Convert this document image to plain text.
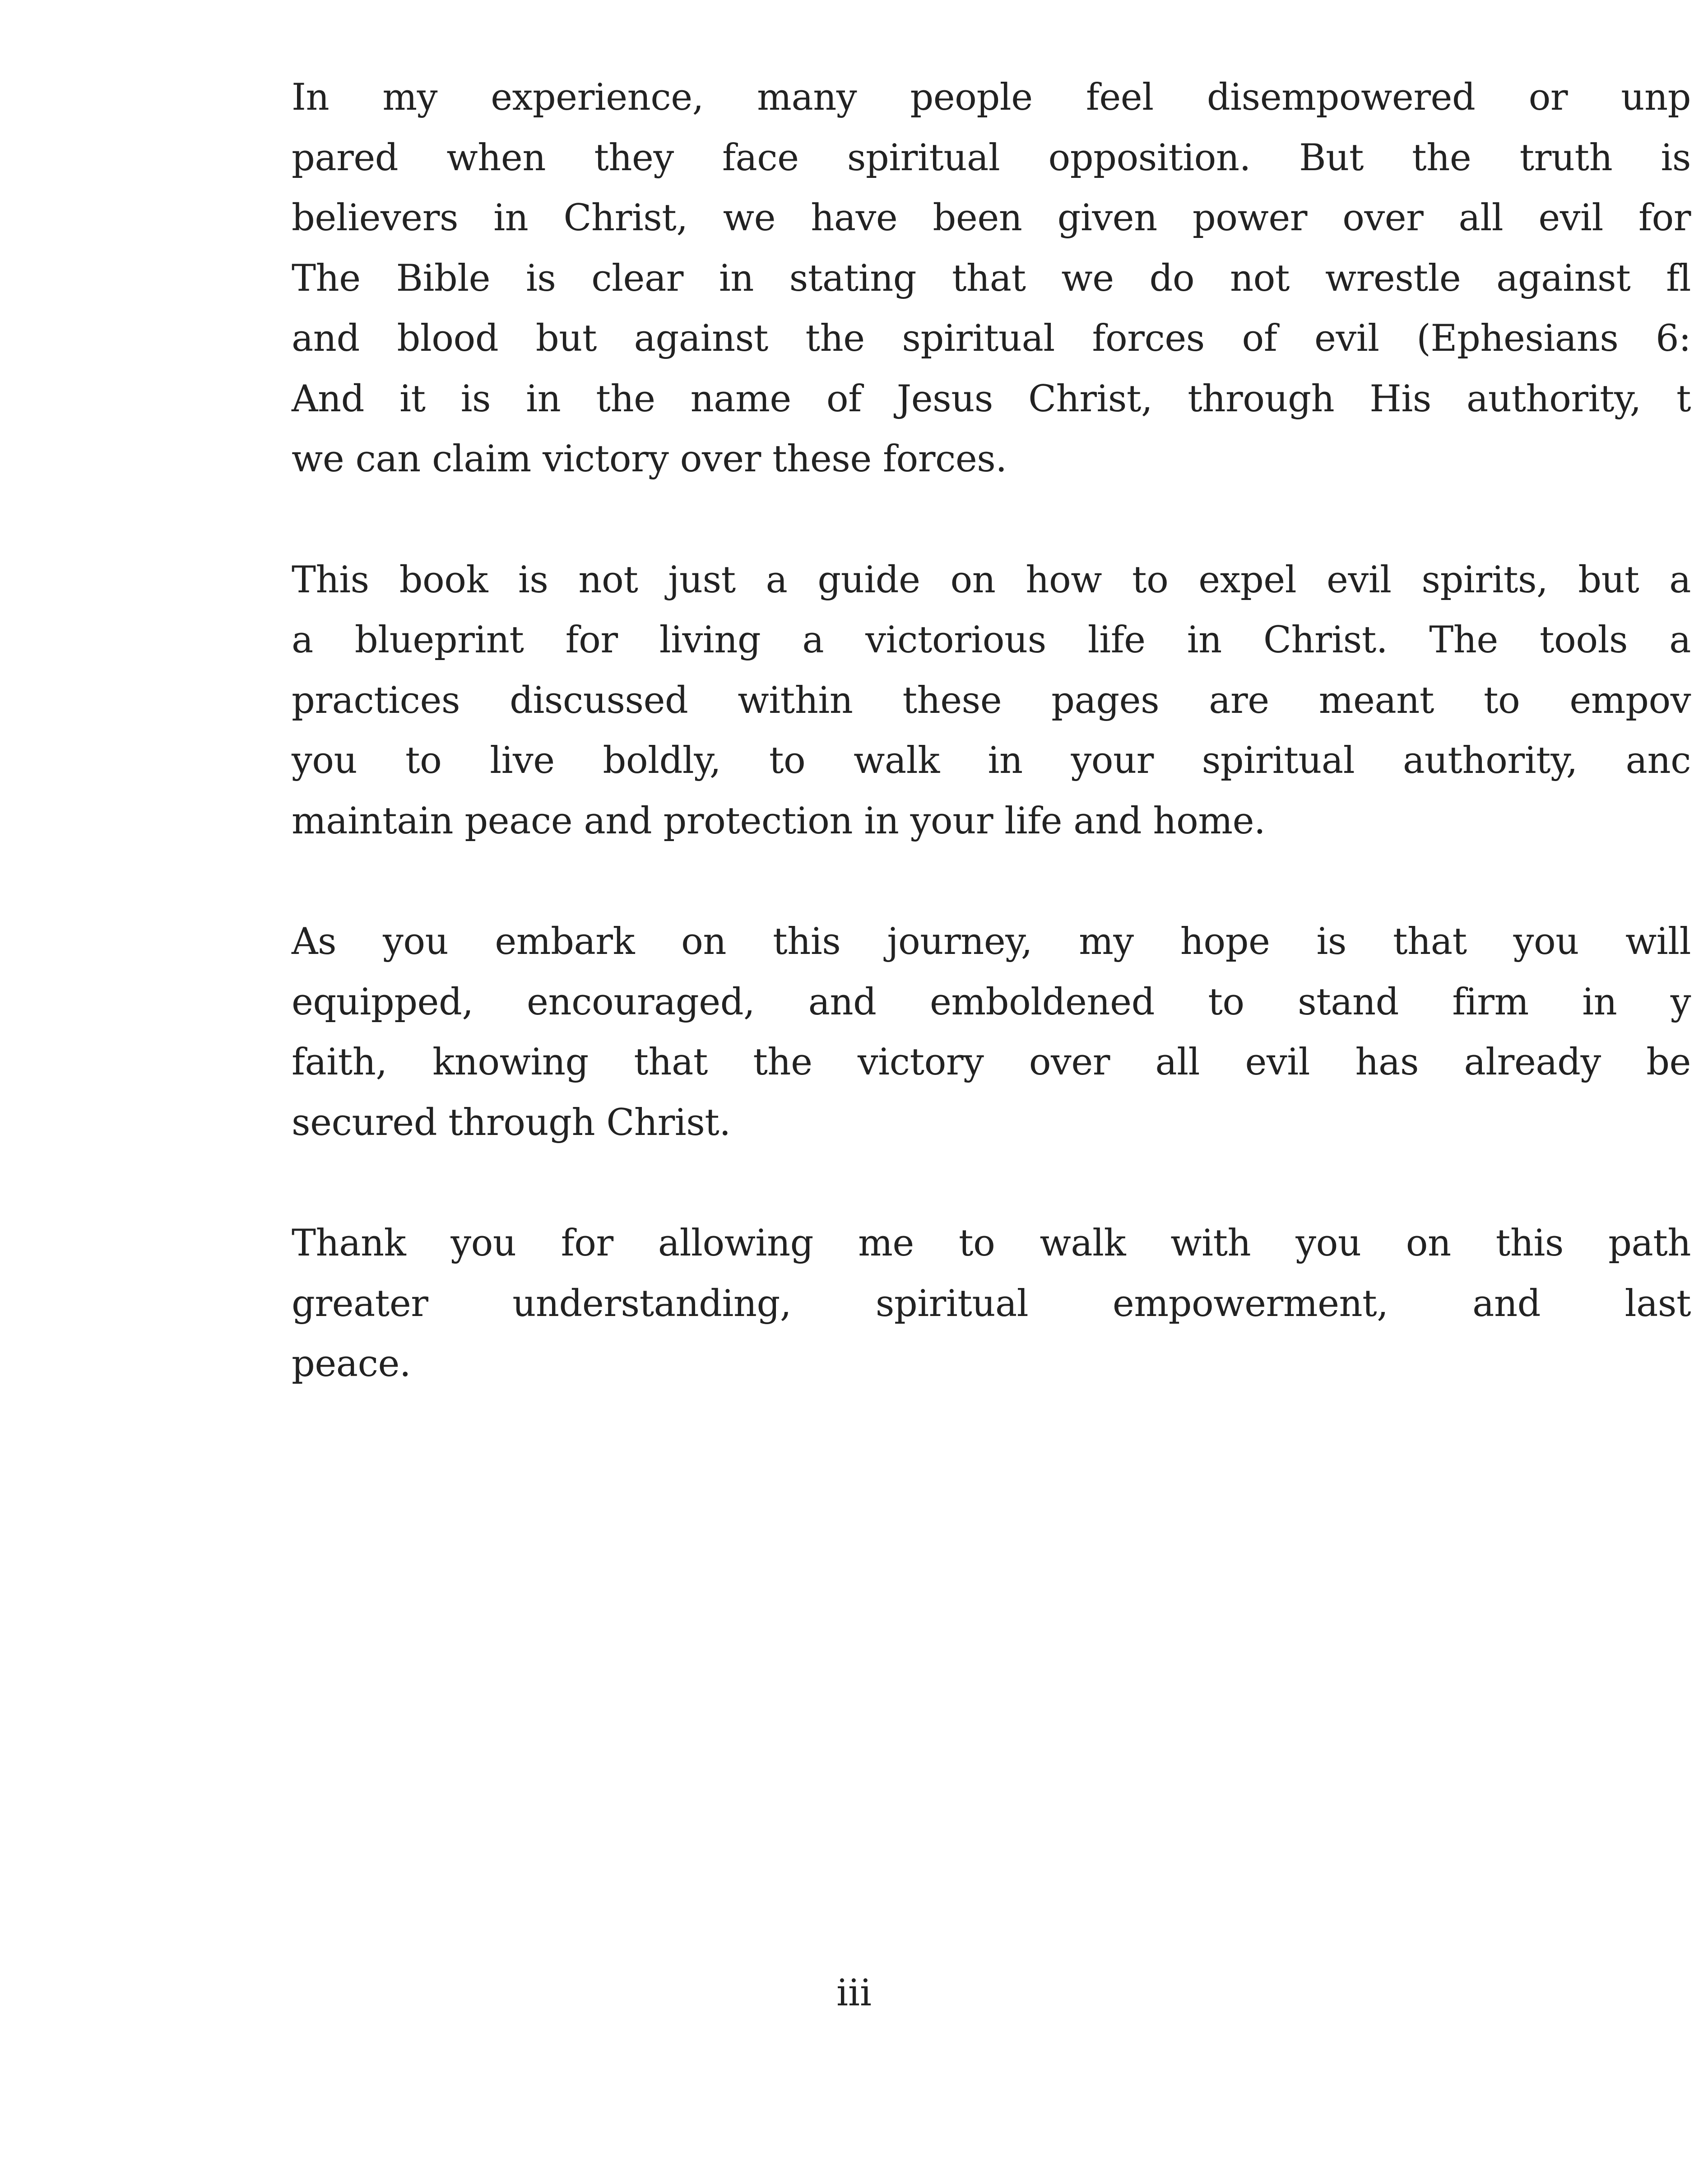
In my experience, many people feel disempowered or unp
pared when they face spiritual opposition. But the truth is
believers in Christ, we have been given power over all evil for
The Bible is clear in stating that we do not wrestle against fl
and blood but against the spiritual forces of evil (Ephesians 6:
And it is in the name of Jesus Christ, through His authority, t
we can claim victory over these forces.

This book is not just a guide on how to expel evil spirits, but a
a blueprint for living a victorious life in Christ. The tools a
practices discussed within these pages are meant to empov
you to live boldly, to walk in your spiritual authority, anc
maintain peace and protection in your life and home.

As you embark on this journey, my hope is that you will
equipped, encouraged, and emboldened to stand firm in y
faith, knowing that the victory over all evil has already be
secured through Christ.

Thank you for allowing me to walk with you on this path
greater understanding, spiritual empowerment, and last
peace.

iii
